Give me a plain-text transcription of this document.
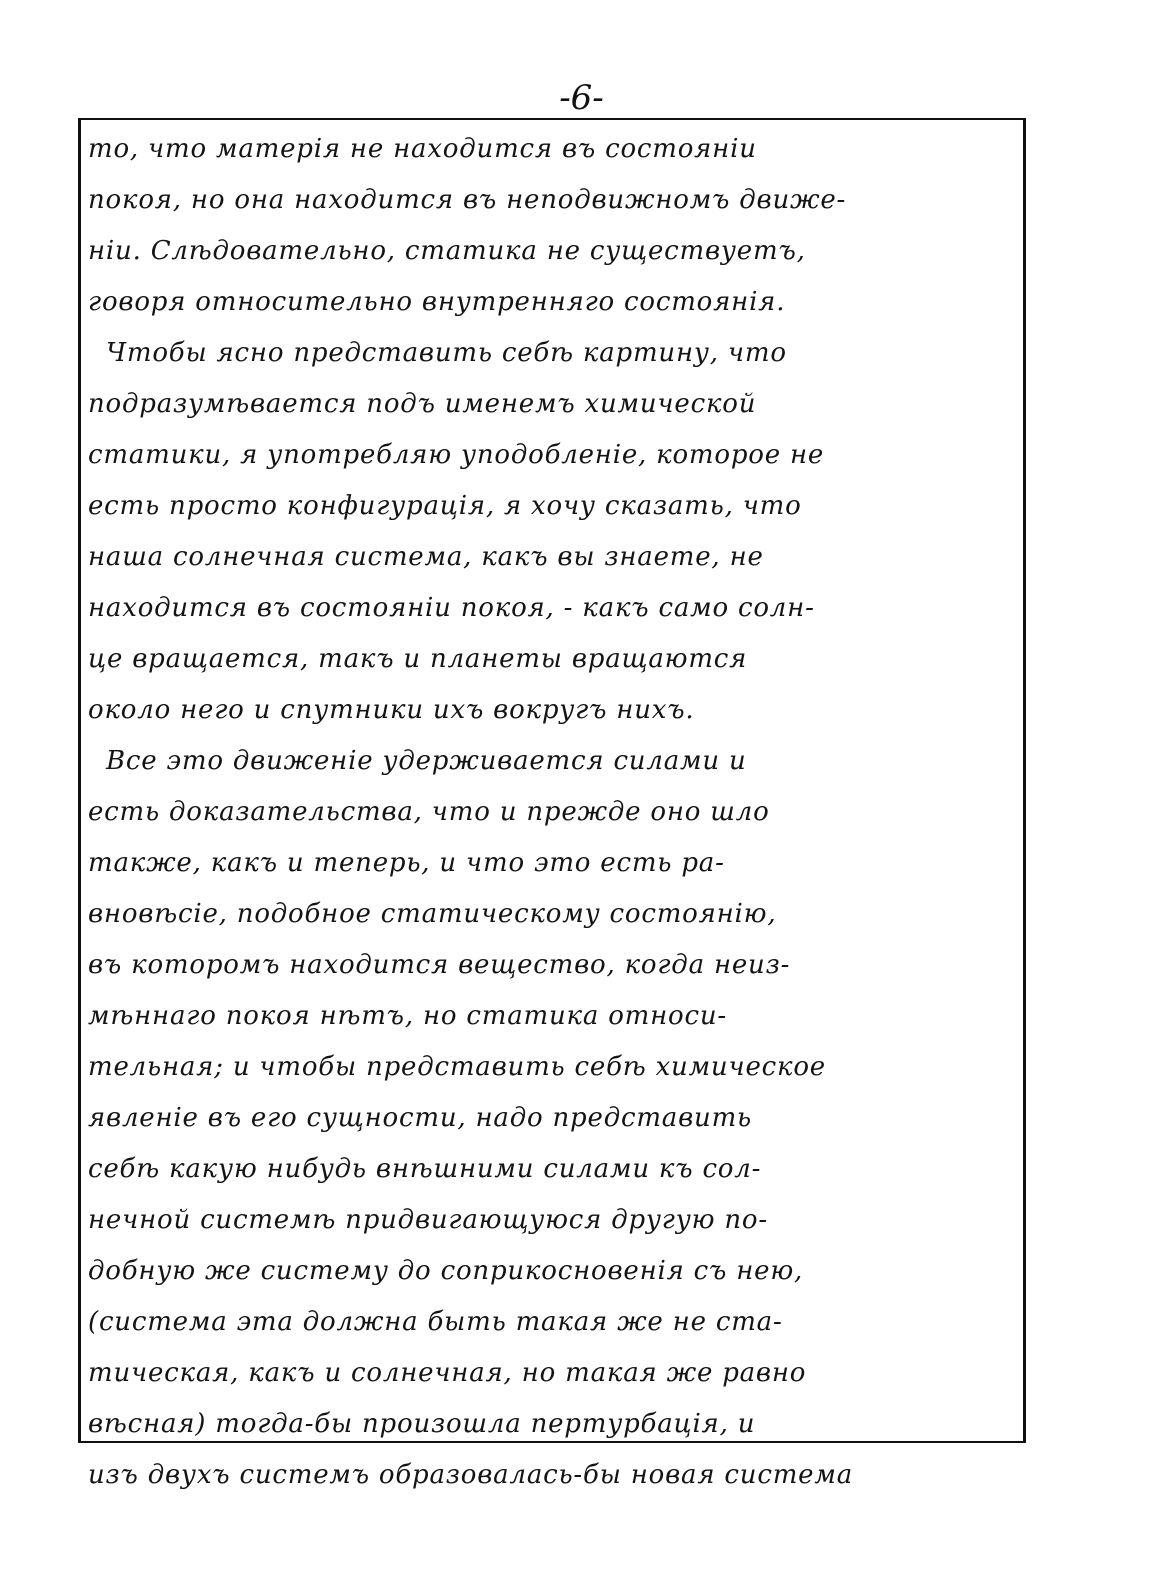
-6-
то, что матерія не находится въ состояніи
покоя, но она находится въ неподвижномъ движе-
ніи. Слѣдовательно, статика не существуетъ,
говоря относительно внутренняго состоянія.
Чтобы ясно представить себѣ картину, что
подразумѣвается подъ именемъ химической
статики, я употребляю уподобленіе, которое не
есть просто конфигурація, я хочу сказать, что
наша солнечная система, какъ вы знаете, не
находится въ состояніи покоя, - какъ само солн-
це вращается, такъ и планеты вращаются
около него и спутники ихъ вокругъ нихъ.
Все это движеніе удерживается силами и
есть доказательства, что и прежде оно шло
также, какъ и теперь, и что это есть ра-
вновѣсіе, подобное статическому состоянію,
въ которомъ находится вещество, когда неиз-
мѣннаго покоя нѣтъ, но статика относи-
тельная; и чтобы представить себѣ химическое
явленіе въ его сущности, надо представить
себѣ какую нибудь внѣшними силами къ сол-
нечной системѣ придвигающуюся другую по-
добную же систему до соприкосновенія съ нею,
(система эта должна быть такая же не ста-
тическая, какъ и солнечная, но такая же равно
вѣсная) тогда-бы произошла пертурбація, и
изъ двухъ системъ образовалась-бы новая система
